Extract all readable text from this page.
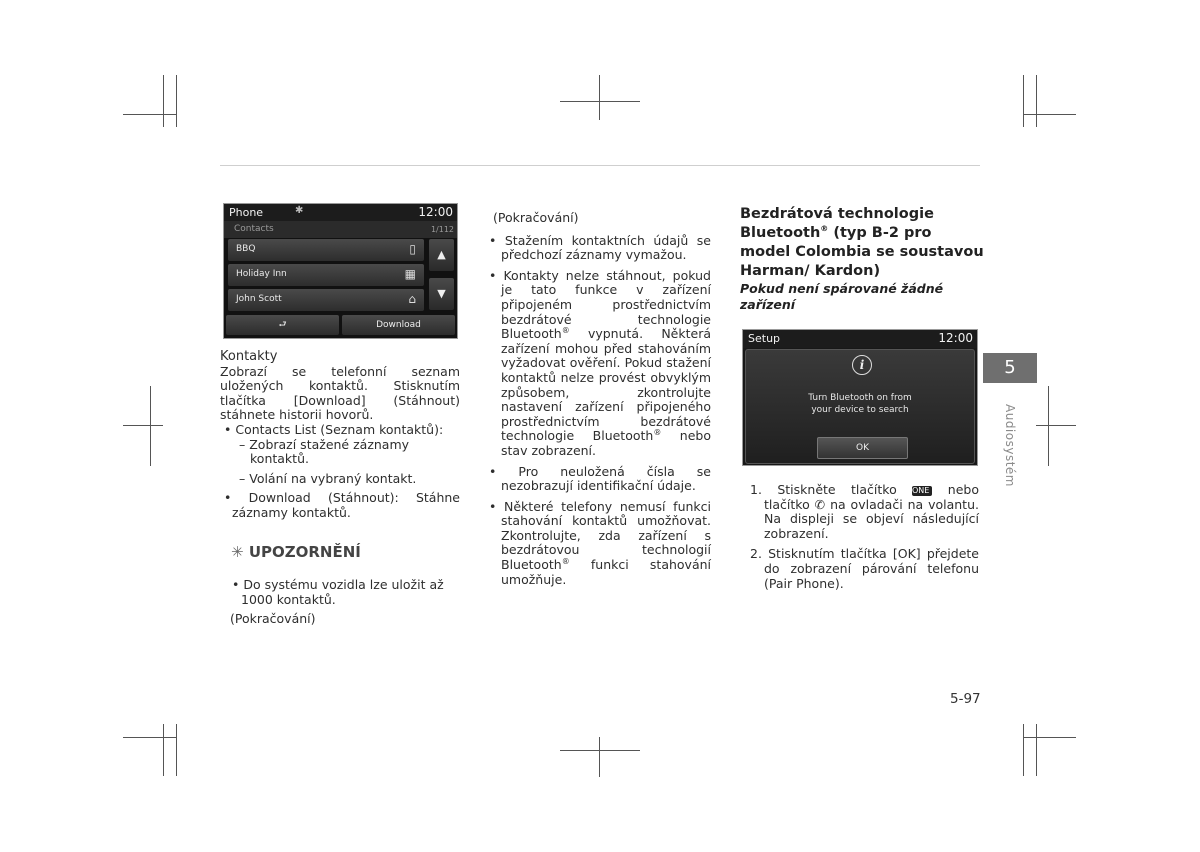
Phone	✱	12:00
Contacts	1/112
BBQ	▯
Holiday Inn	▦
John Scott	⌂
▲
▼
⮐	Download
Kontakty
Zobrazí se telefonní seznam uložených kontaktů. Stisknutím tlačítka [Download] (Stáhnout) stáhnete historii hovorů.
• Contacts List (Seznam kontaktů):
– Zobrazí stažené záznamy kontaktů.
– Volání na vybraný kontakt.
• Download (Stáhnout): Stáhne záznamy kontaktů.
✳ UPOZORNĚNÍ
• Do systému vozidla lze uložit až 1000 kontaktů.
(Pokračování)
(Pokračování)
• Stažením kontaktních údajů se předchozí záznamy vymažou.
• Kontakty nelze stáhnout, pokud je tato funkce v zařízení připojeném prostřednictvím bezdrátové technologie Bluetooth® vypnutá. Některá zařízení mohou před stahováním vyžadovat ověření. Pokud stažení kontaktů nelze provést obvyklým způsobem, zkontrolujte nastavení zařízení připojeného prostřednictvím bezdrátové technologie Bluetooth® nebo stav zobrazení.
• Pro neuložená čísla se nezobrazují identifikační údaje.
• Některé telefony nemusí funkci stahování kontaktů umožňovat. Zkontrolujte, zda zařízení s bezdrátovou technologií Bluetooth® funkci stahování umožňuje.
Bezdrátová technologie Bluetooth® (typ B-2 pro model Colombia se soustavou Harman/ Kardon)
Pokud není spárované žádné zařízení
Setup	12:00
i
Turn Bluetooth on from
your device to search
OK
1. Stiskněte tlačítko PHONE nebo tlačítko ✆ na ovladači na volantu. Na displeji se objeví následující zobrazení.
2. Stisknutím tlačítka [OK] přejdete do zobrazení párování telefonu (Pair Phone).
5
Audiosystém
5-97
